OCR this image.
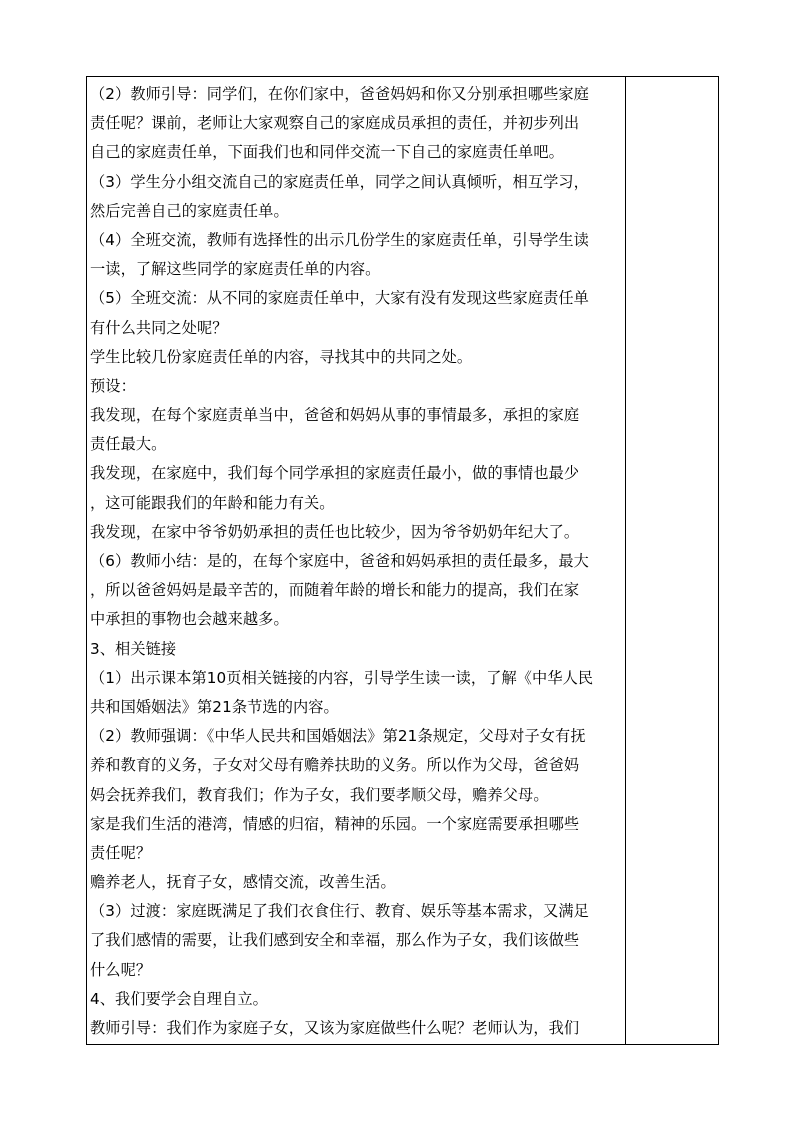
（2）教师引导：同学们，在你们家中，爸爸妈妈和你又分别承担哪些家庭
责任呢？课前，老师让大家观察自己的家庭成员承担的责任，并初步列出
自己的家庭责任单，下面我们也和同伴交流一下自己的家庭责任单吧。
（3）学生分小组交流自己的家庭责任单，同学之间认真倾听，相互学习，
然后完善自己的家庭责任单。
（4）全班交流，教师有选择性的出示几份学生的家庭责任单，引导学生读
一读，了解这些同学的家庭责任单的内容。
（5）全班交流：从不同的家庭责任单中，大家有没有发现这些家庭责任单
有什么共同之处呢？
学生比较几份家庭责任单的内容，寻找其中的共同之处。
预设：
我发现，在每个家庭责单当中，爸爸和妈妈从事的事情最多，承担的家庭
责任最大。
我发现，在家庭中，我们每个同学承担的家庭责任最小，做的事情也最少
，这可能跟我们的年龄和能力有关。
我发现，在家中爷爷奶奶承担的责任也比较少，因为爷爷奶奶年纪大了。
（6）教师小结：是的，在每个家庭中，爸爸和妈妈承担的责任最多，最大
，所以爸爸妈妈是最辛苦的，而随着年龄的增长和能力的提高，我们在家
中承担的事物也会越来越多。
3、相关链接
（1）出示课本第10页相关链接的内容，引导学生读一读，了解《中华人民
共和国婚姻法》第21条节选的内容。
（2）教师强调：《中华人民共和国婚姻法》第21条规定，父母对子女有抚
养和教育的义务，子女对父母有赡养扶助的义务。所以作为父母，爸爸妈
妈会抚养我们，教育我们；作为子女，我们要孝顺父母，赡养父母。
家是我们生活的港湾，情感的归宿，精神的乐园。一个家庭需要承担哪些
责任呢？
赡养老人，抚育子女，感情交流，改善生活。
（3）过渡：家庭既满足了我们衣食住行、教育、娱乐等基本需求，又满足
了我们感情的需要，让我们感到安全和幸福，那么作为子女，我们该做些
什么呢？
4、我们要学会自理自立。
教师引导：我们作为家庭子女，又该为家庭做些什么呢？老师认为，我们
